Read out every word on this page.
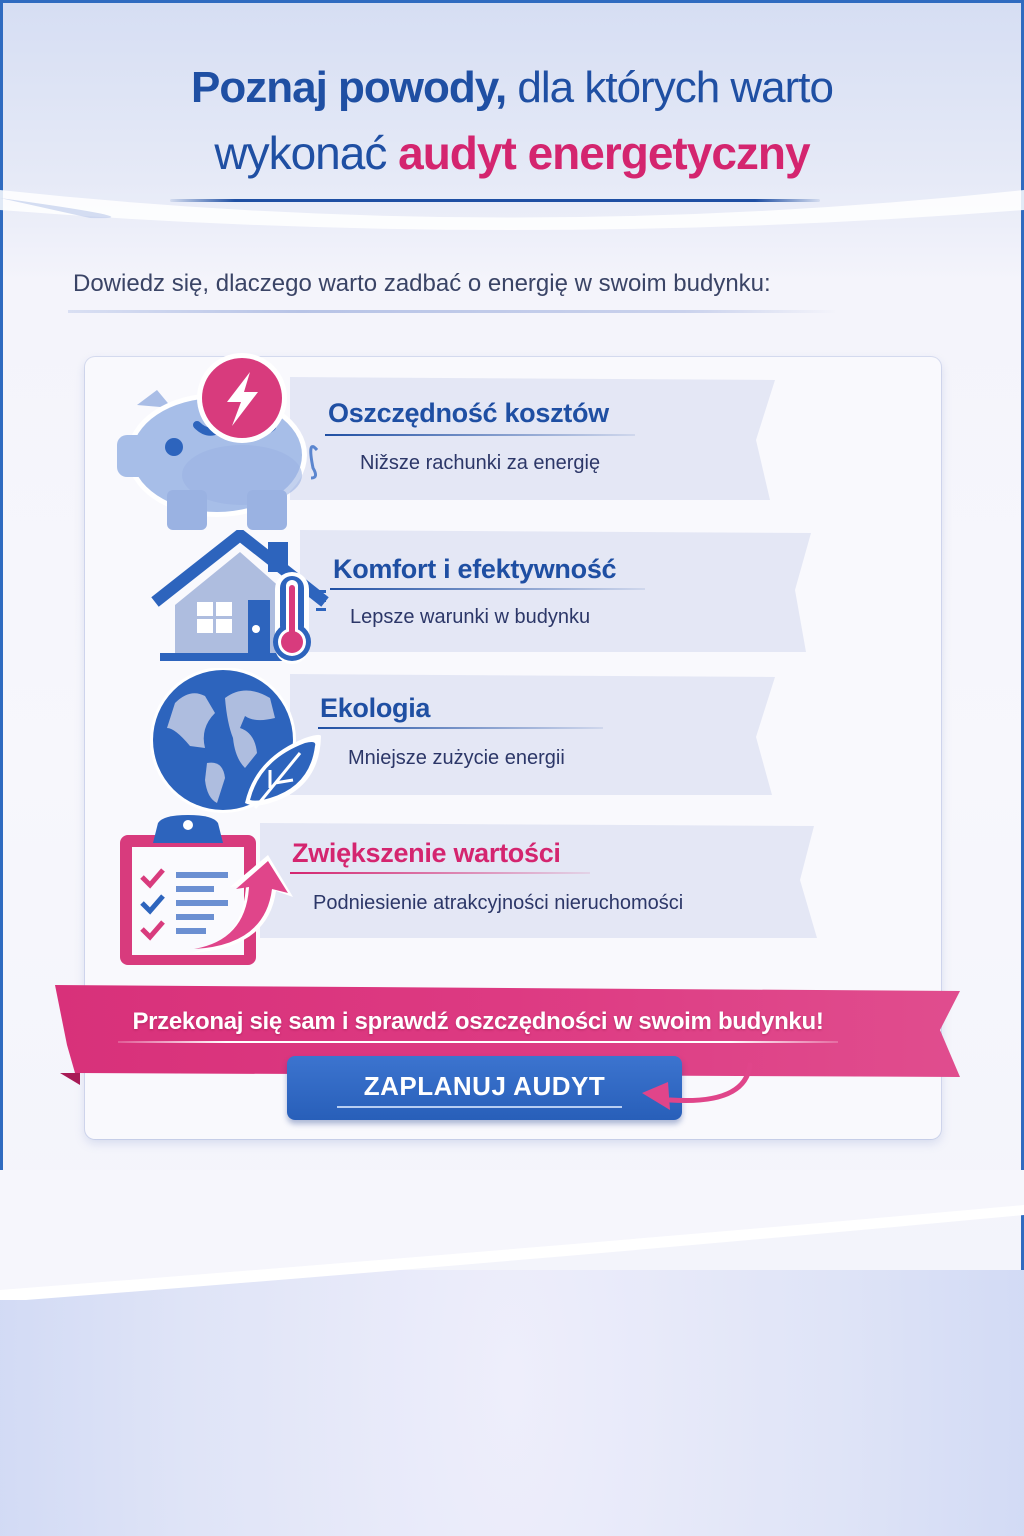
Poznaj powody, dla których warto
wykonać audyt energetyczny
Dowiedz się, dlaczego warto zadbać o energię w swoim budynku:
Oszczędność kosztów
Nižsze rachunki za energię
Komfort i efektywność
Lepsze warunki w budynku
Ekologia
Mniejsze zużycie energii
Zwiększenie wartości
Podniesienie atrakcyjności nieruchomości
Przekonaj się sam i sprawdź oszczędności w swoim budynku!
ZAPLANUJ AUDYT
